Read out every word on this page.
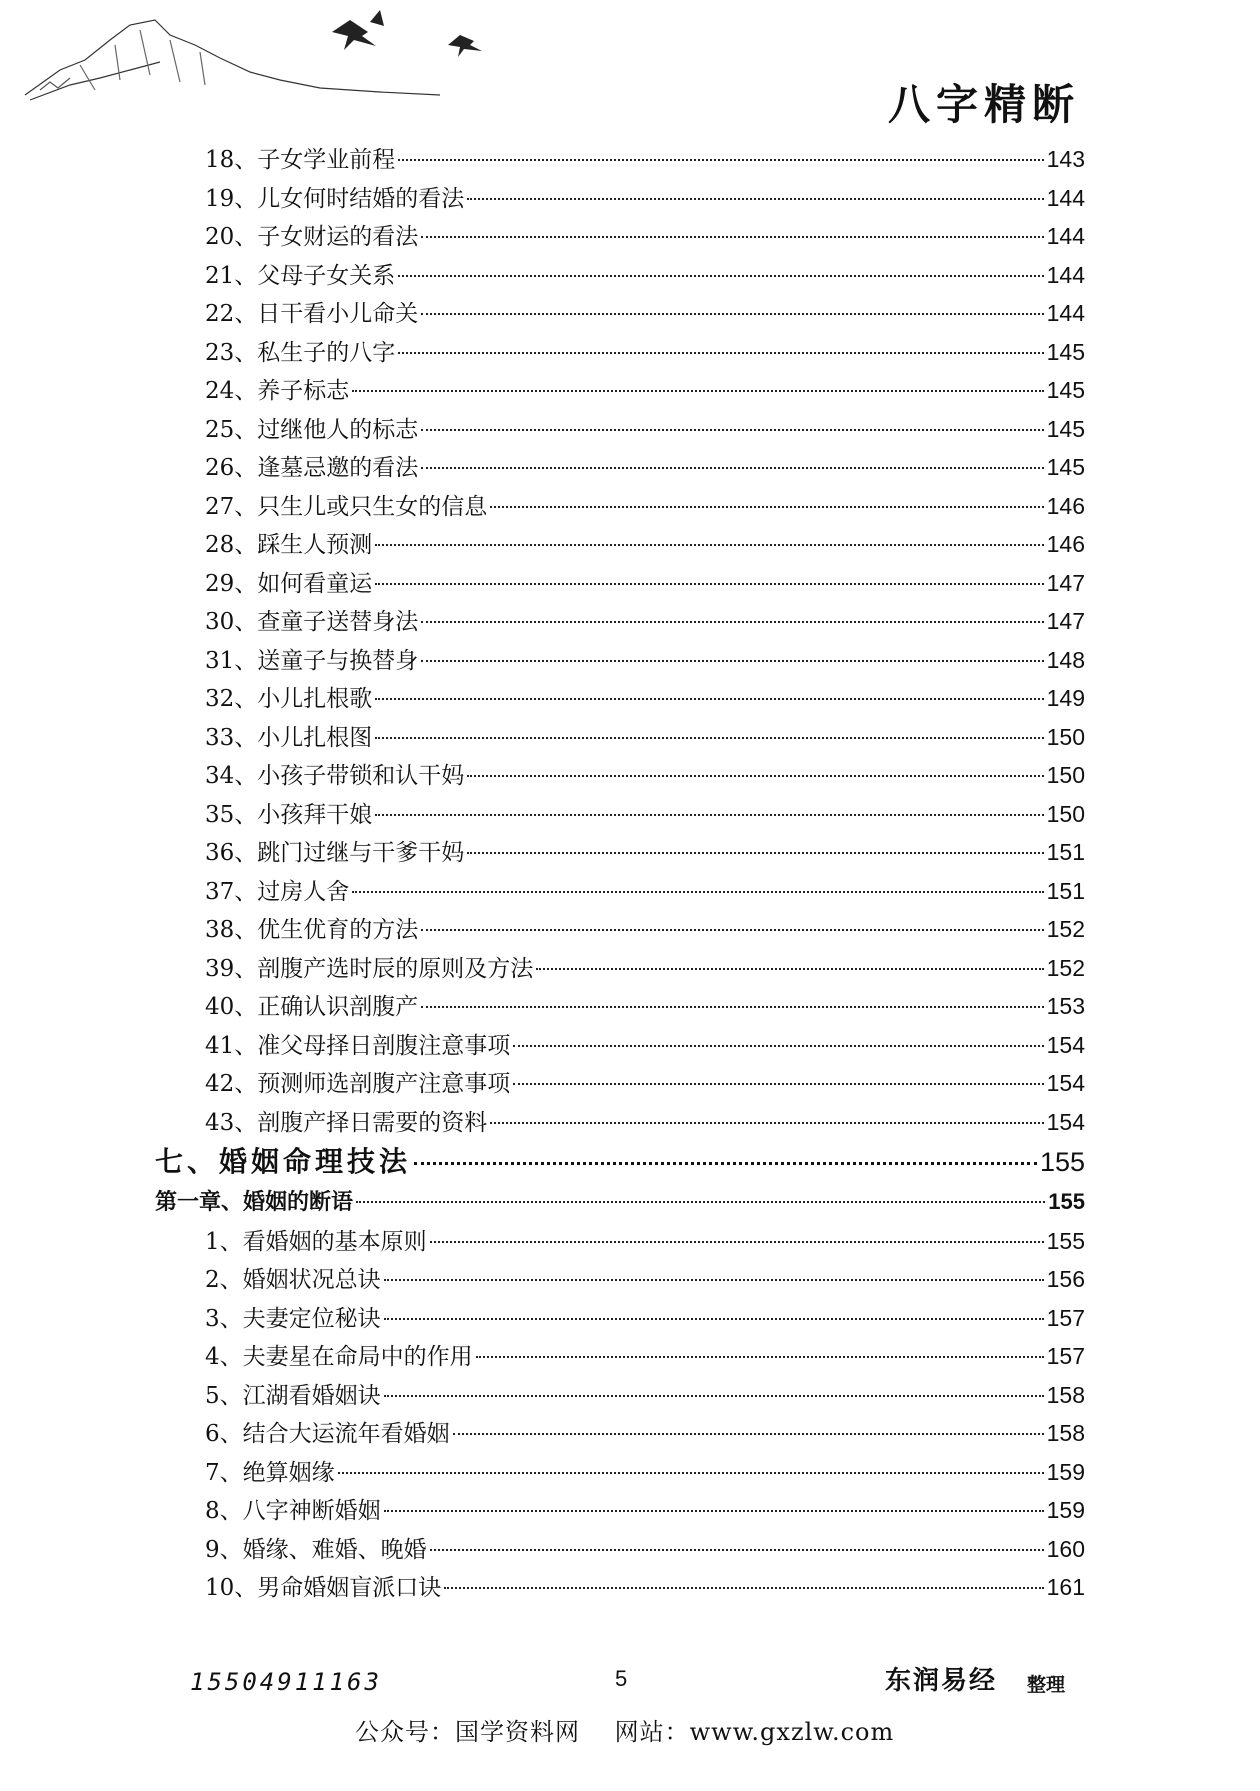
八字精断
18、子女学业前程	143
19、儿女何时结婚的看法	144
20、子女财运的看法	144
21、父母子女关系	144
22、日干看小儿命关	144
23、私生子的八字	145
24、养子标志	145
25、过继他人的标志	145
26、逢墓忌邀的看法	145
27、只生儿或只生女的信息	146
28、踩生人预测	146
29、如何看童运	147
30、查童子送替身法	147
31、送童子与换替身	148
32、小儿扎根歌	149
33、小儿扎根图	150
34、小孩子带锁和认干妈	150
35、小孩拜干娘	150
36、跳门过继与干爹干妈	151
37、过房人舍	151
38、优生优育的方法	152
39、剖腹产选时辰的原则及方法	152
40、正确认识剖腹产	153
41、准父母择日剖腹注意事项	154
42、预测师选剖腹产注意事项	154
43、剖腹产择日需要的资料	154
七、婚姻命理技法	155
第一章、婚姻的断语	155
1、看婚姻的基本原则	155
2、婚姻状况总诀	156
3、夫妻定位秘诀	157
4、夫妻星在命局中的作用	157
5、江湖看婚姻诀	158
6、结合大运流年看婚姻	158
7、绝算姻缘	159
8、八字神断婚姻	159
9、婚缘、难婚、晚婚	160
10、男命婚姻盲派口诀	161
15504911163	5	东润易经 整理
公众号：国学资料网 网站：www.gxzlw.com
